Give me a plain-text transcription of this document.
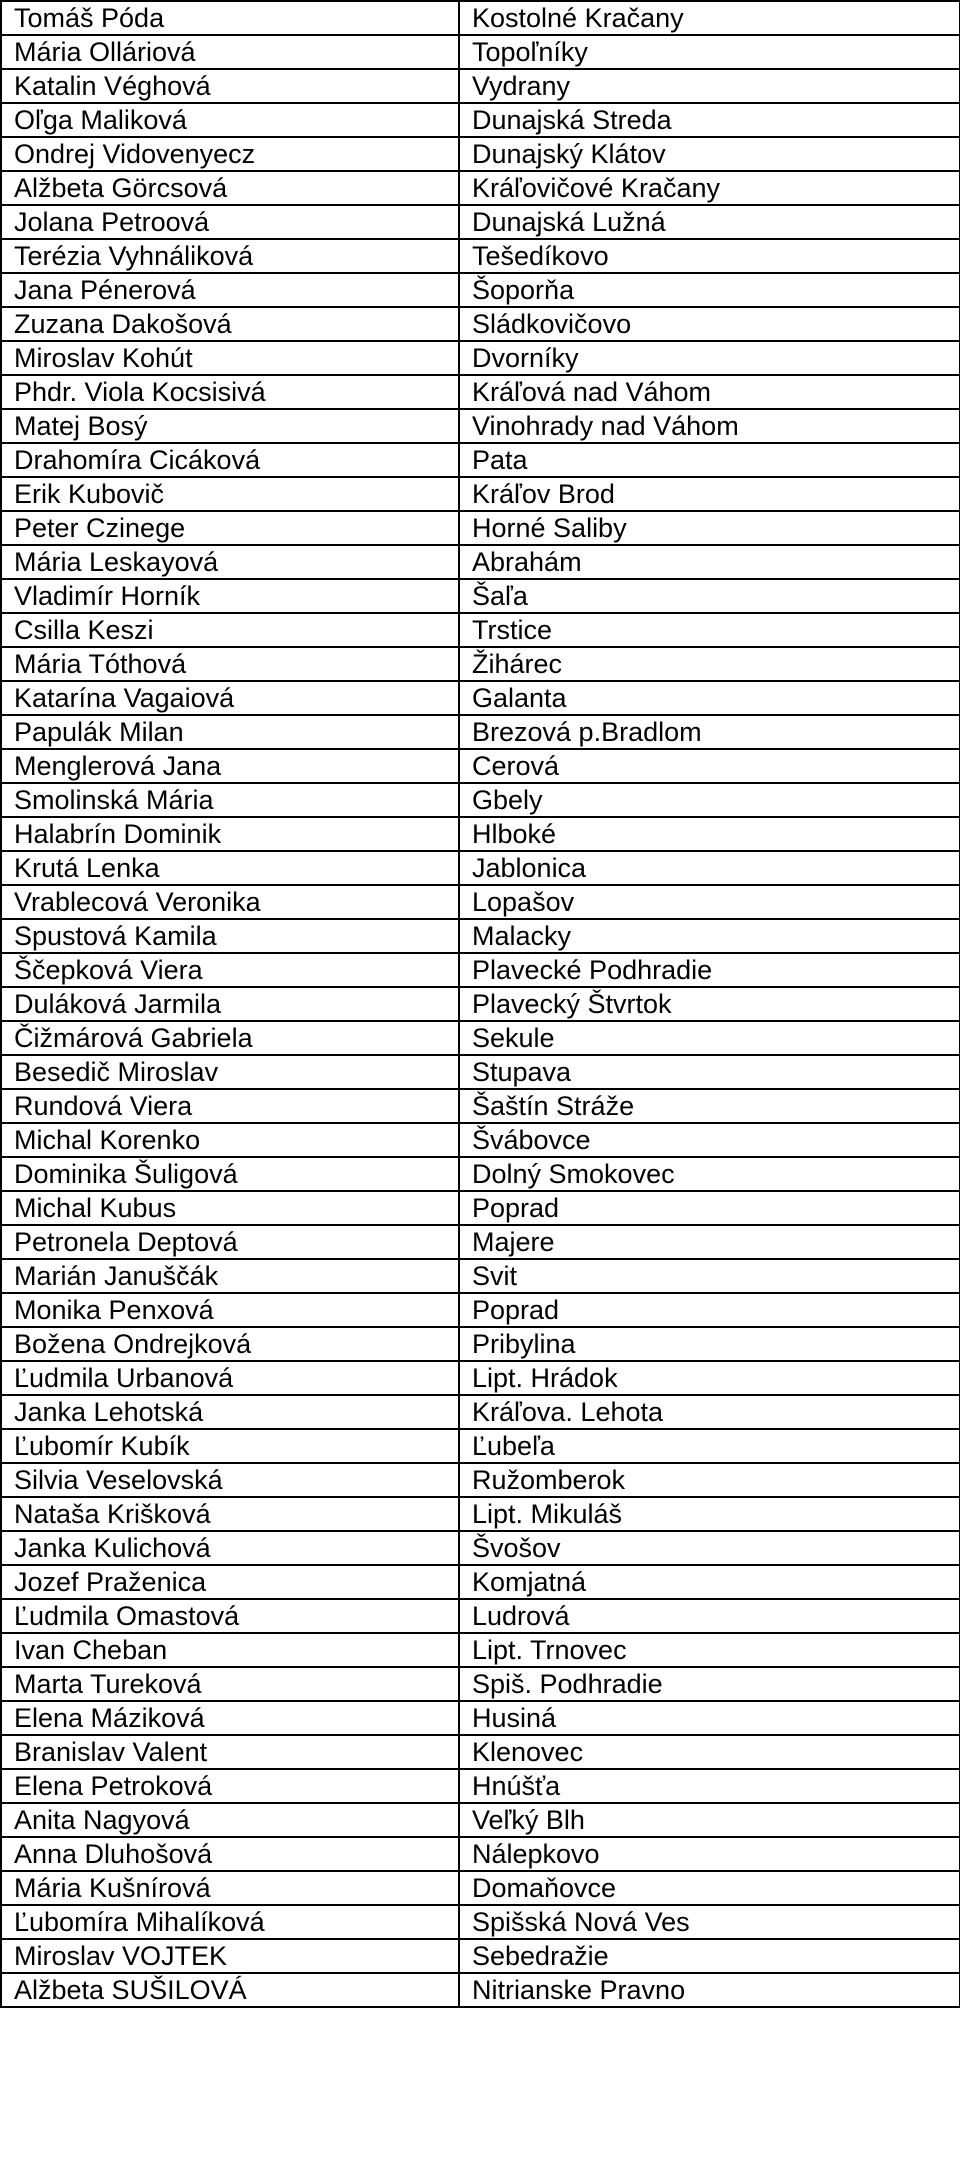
Tomáš Póda	Kostolné Kračany
Mária Olláriová	Topoľníky
Katalin Véghová	Vydrany
Oľga Maliková	Dunajská Streda
Ondrej Vidovenyecz	Dunajský Klátov
Alžbeta Görcsová	Kráľovičové Kračany
Jolana Petroová	Dunajská Lužná
Terézia Vyhnáliková	Tešedíkovo
Jana Pénerová	Šoporňa
Zuzana Dakošová	Sládkovičovo
Miroslav Kohút	Dvorníky
Phdr. Viola Kocsisivá	Kráľová nad Váhom
Matej Bosý	Vinohrady nad Váhom
Drahomíra Cicáková	Pata
Erik Kubovič	Kráľov Brod
Peter Czinege	Horné Saliby
Mária Leskayová	Abrahám
Vladimír Horník	Šaľa
Csilla Keszi	Trstice
Mária Tóthová	Žihárec
Katarína Vagaiová	Galanta
Papulák Milan	Brezová p.Bradlom
Menglerová Jana	Cerová
Smolinská Mária	Gbely
Halabrín Dominik	Hlboké
Krutá Lenka	Jablonica
Vrablecová Veronika	Lopašov
Spustová Kamila	Malacky
Ščepková Viera	Plavecké Podhradie
Duláková Jarmila	Plavecký Štvrtok
Čižmárová Gabriela	Sekule
Besedič Miroslav	Stupava
Rundová Viera	Šaštín Stráže
Michal Korenko	Švábovce
Dominika Šuligová	Dolný Smokovec
Michal Kubus	Poprad
Petronela Deptová	Majere
Marián Januščák	Svit
Monika Penxová	Poprad
Božena Ondrejková	Pribylina
Ľudmila Urbanová	Lipt. Hrádok
Janka Lehotská	Kráľova. Lehota
Ľubomír Kubík	Ľubeľa
Silvia Veselovská	Ružomberok
Nataša Krišková	Lipt. Mikuláš
Janka Kulichová	Švošov
Jozef Praženica	Komjatná
Ľudmila Omastová	Ludrová
Ivan Cheban	Lipt. Trnovec
Marta Tureková	Spiš. Podhradie
Elena Máziková	Husiná
Branislav Valent	Klenovec
Elena Petroková	Hnúšťa
Anita Nagyová	Veľký Blh
Anna Dluhošová	Nálepkovo
Mária Kušnírová	Domaňovce
Ľubomíra Mihalíková	Spišská Nová Ves
Miroslav VOJTEK	Sebedražie
Alžbeta SUŠILOVÁ	Nitrianske Pravno
